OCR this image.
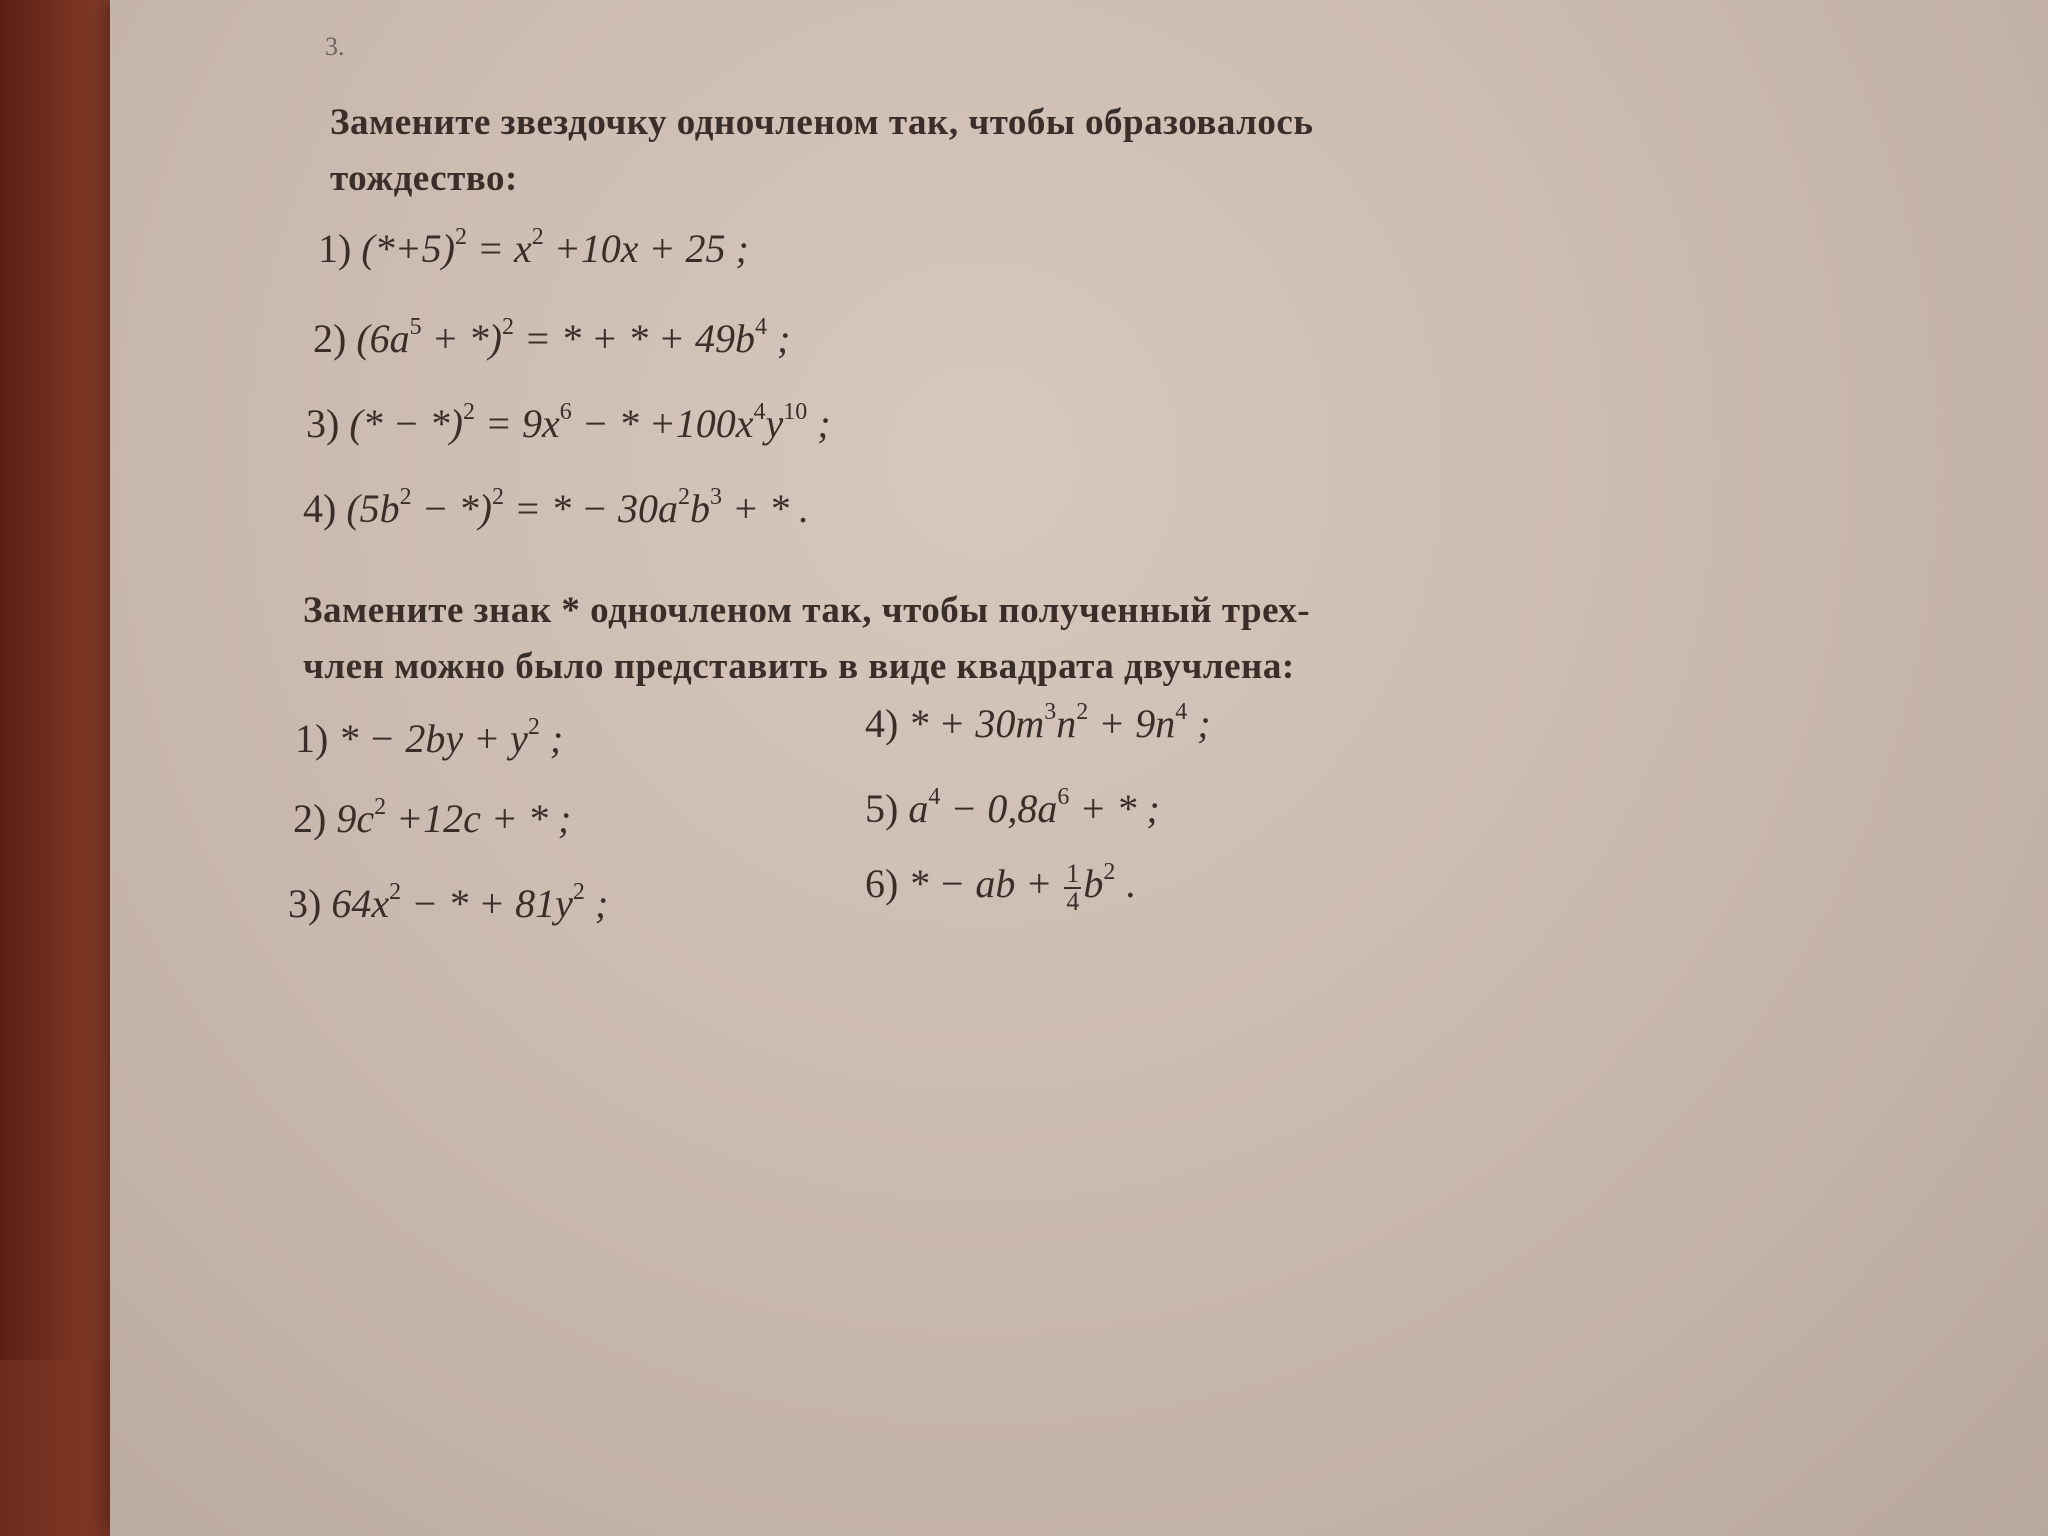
3.
Замените звездочку одночленом так, чтобы образовалось
тождество:
1) $(*+5)^2 = x^2 +10x + 25$ ;
2) $(6a^5 + *)^2$ = * + * + $49b^4$ ;
3) (* − $*)^2 = 9x^6$ − * $+100x^4y^{10}$ ;
4) $(5b^2 - *)^2$ = * − $30a^2b^3$ + * .
Замените знак * одночленом так, чтобы полученный трех-
член можно было представить в виде квадрата двучлена:
1) * − $2by + y^2$ ;
2) $9c^2 +12c$ + * ;
3) $64x^2$ − * + $81y^2$ ;
4) * + $30m^3n^2 + 9n^4$ ;
5) $a^4 - 0,8a^6$ + * ;
6) * − ab + $\frac{1}{4} b^2$ .
